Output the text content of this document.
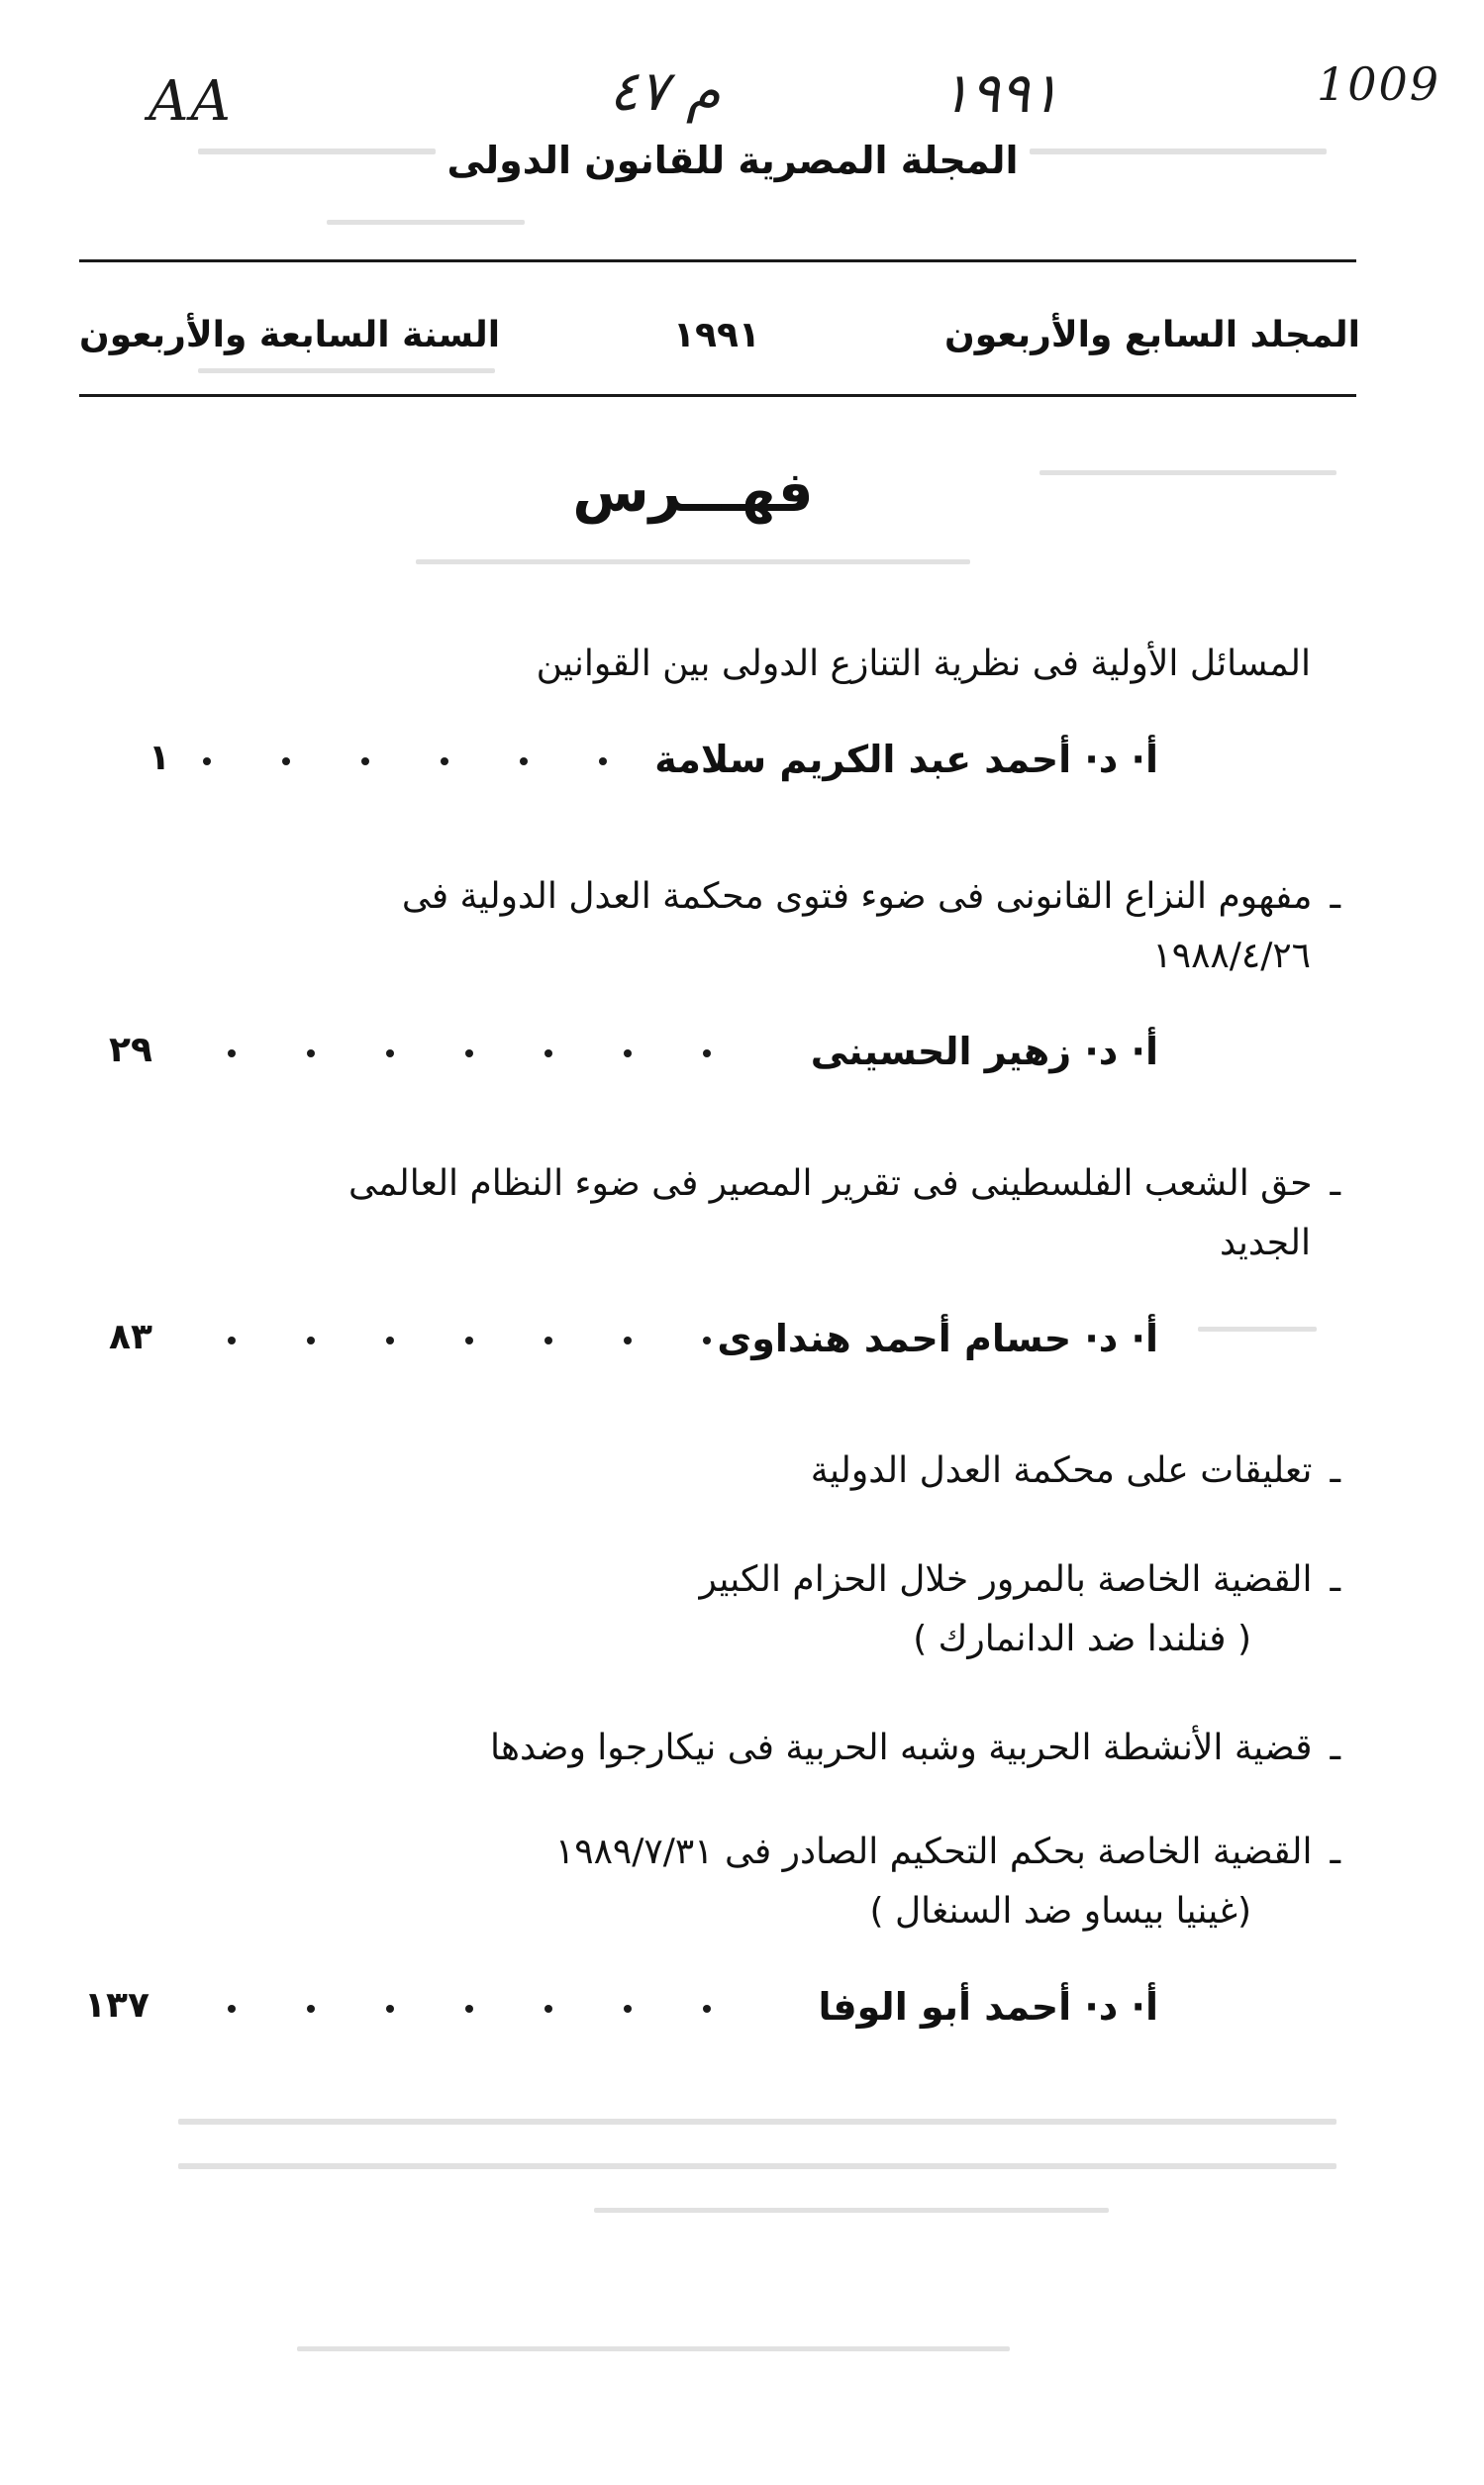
AA	م ٤٧	١٩٩١	1009
المجلة المصرية للقانون الدولى
المجلد السابع والأربعون
١٩٩١
السنة السابعة والأربعون
فهـــرس
المسائل الأولية فى نظرية التنازع الدولى بين القوانين
أ· د· أحمد عبد الكريم سلامة
١
ـمفهوم النزاع القانونى فى ضوء فتوى محكمة العدل الدولية فى
١٩٨٨/٤/٢٦
أ· د· زهير الحسينى
٢٩
ـحق الشعب الفلسطينى فى تقرير المصير فى ضوء النظام العالمى
الجديد
أ· د· حسام أحمد هنداوى
٨٣
ـتعليقات على محكمة العدل الدولية
ـالقضية الخاصة بالمرور خلال الحزام الكبير
( فنلندا ضد الدانمارك )
ـقضية الأنشطة الحربية وشبه الحربية فى نيكارجوا وضدها
ـالقضية الخاصة بحكم التحكيم الصادر فى ١٩٨٩/٧/٣١
(غينيا بيساو ضد السنغال )
أ· د· أحمد أبو الوفا
١٣٧
